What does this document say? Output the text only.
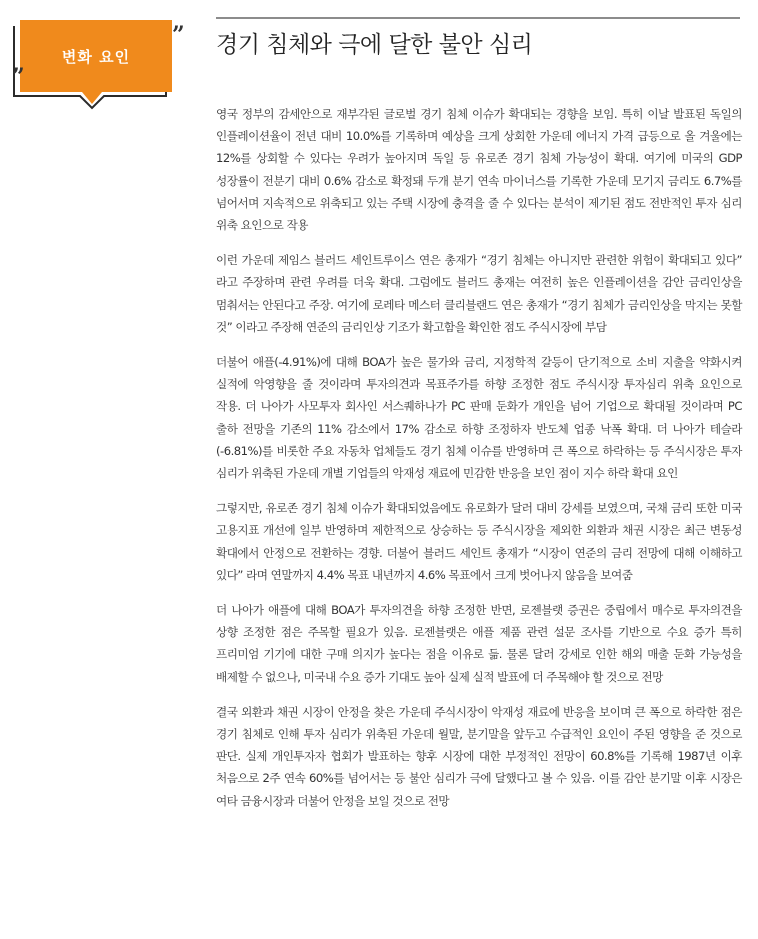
변화 요인
”
”
경기 침체와 극에 달한 불안 심리

영국 정부의 감세안으로 재부각된 글로벌 경기 침체 이슈가 확대되는 경향을 보임. 특히 이날 발표된 독일의 인플레이션율이 전년 대비 10.0%를 기록하며 예상을 크게 상회한 가운데 에너지 가격 급등으로 올 겨울에는 12%를 상회할 수 있다는 우려가 높아지며 독일 등 유로존 경기 침체 가능성이 확대. 여기에 미국의 GDP 성장률이 전분기 대비 0.6% 감소로 확정돼 두개 분기 연속 마이너스를 기록한 가운데 모기지 금리도 6.7%를 넘어서며 지속적으로 위축되고 있는 주택 시장에 충격을 줄 수 있다는 분석이 제기된 점도 전반적인 투자 심리 위축 요인으로 작용

이런 가운데 제임스 블러드 세인트루이스 연은 총재가 “경기 침체는 아니지만 관련한 위험이 확대되고 있다” 라고 주장하며 관련 우려를 더욱 확대. 그럼에도 블러드 총재는 여전히 높은 인플레이션을 감안 금리인상을 멈춰서는 안된다고 주장. 여기에 로레타 메스터 클리블랜드 연은 총재가 “경기 침체가 금리인상을 막지는 못할 것” 이라고 주장해 연준의 금리인상 기조가 확고함을 확인한 점도 주식시장에 부담

더불어 애플(-4.91%)에 대해 BOA가 높은 물가와 금리, 지정학적 갈등이 단기적으로 소비 지출을 약화시켜 실적에 악영향을 줄 것이라며 투자의견과 목표주가를 하향 조정한 점도 주식시장 투자심리 위축 요인으로 작용. 더 나아가 사모투자 회사인 서스퀘하나가 PC 판매 둔화가 개인을 넘어 기업으로 확대될 것이라며 PC 출하 전망을 기존의 11% 감소에서 17% 감소로 하향 조정하자 반도체 업종 낙폭 확대. 더 나아가 테슬라(-6.81%)를 비롯한 주요 자동차 업체들도 경기 침체 이슈를 반영하며 큰 폭으로 하락하는 등 주식시장은 투자 심리가 위축된 가운데 개별 기업들의 악재성 재료에 민감한 반응을 보인 점이 지수 하락 확대 요인

그렇지만, 유로존 경기 침체 이슈가 확대되었음에도 유로화가 달러 대비 강세를 보였으며, 국채 금리 또한 미국 고용지표 개선에 일부 반영하며 제한적으로 상승하는 등 주식시장을 제외한 외환과 채권 시장은 최근 변동성 확대에서 안정으로 전환하는 경향. 더불어 블러드 세인트 총재가 “시장이 연준의 금리 전망에 대해 이해하고 있다” 라며 연말까지 4.4% 목표 내년까지 4.6% 목표에서 크게 벗어나지 않음을 보여줌

더 나아가 애플에 대해 BOA가 투자의견을 하향 조정한 반면, 로젠블랫 증권은 중립에서 매수로 투자의견을 상향 조정한 점은 주목할 필요가 있음. 로젠블랫은 애플 제품 관련 설문 조사를 기반으로 수요 증가 특히 프리미엄 기기에 대한 구매 의지가 높다는 점을 이유로 듦. 물론 달러 강세로 인한 해외 매출 둔화 가능성을 배제할 수 없으나, 미국내 수요 증가 기대도 높아 실제 실적 발표에 더 주목해야 할 것으로 전망

결국 외환과 채권 시장이 안정을 찾은 가운데 주식시장이 악재성 재료에 반응을 보이며 큰 폭으로 하락한 점은 경기 침체로 인해 투자 심리가 위축된 가운데 월말, 분기말을 앞두고 수급적인 요인이 주된 영향을 준 것으로 판단. 실제 개인투자자 협회가 발표하는 향후 시장에 대한 부정적인 전망이 60.8%를 기록해 1987년 이후 처음으로 2주 연속 60%를 넘어서는 등 불안 심리가 극에 달했다고 볼 수 있음. 이를 감안 분기말 이후 시장은 여타 금융시장과 더불어 안정을 보일 것으로 전망
